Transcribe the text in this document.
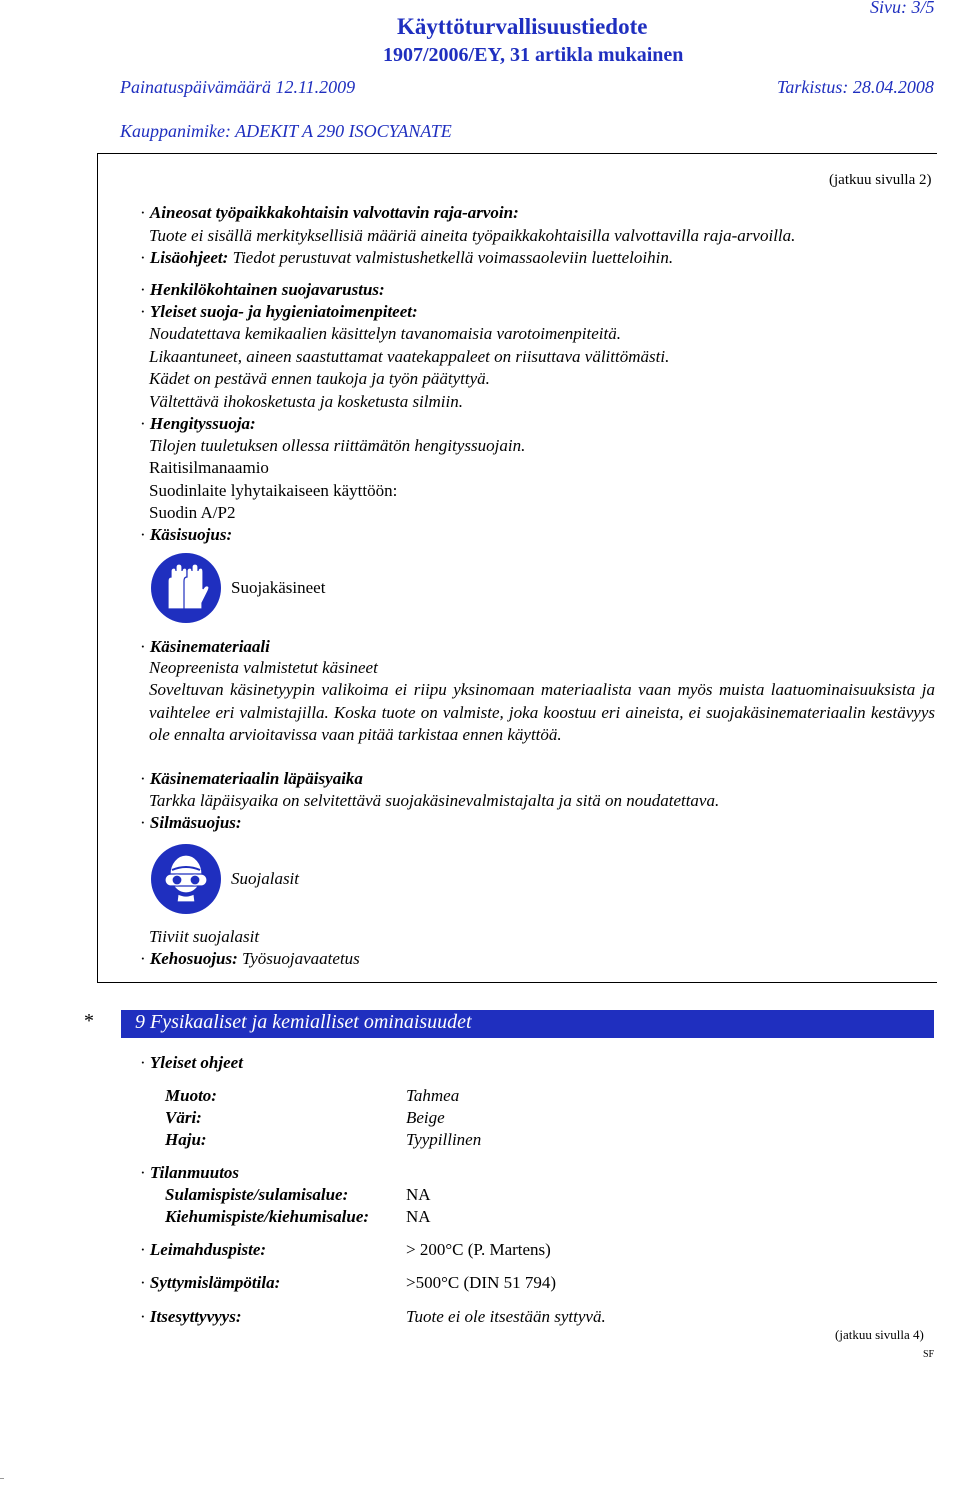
Sivu: 3/5
Käyttöturvallisuustiedote
1907/2006/EY, 31 artikla mukainen
Painatuspäivämäärä 12.11.2009	Tarkistus: 28.04.2008
Kauppanimike: ADEKIT A 290 ISOCYANATE
(jatkuu sivulla 2)
· Aineosat työpaikkakohtaisin valvottavin raja-arvoin:
Tuote ei sisällä merkityksellisiä määriä aineita työpaikkakohtaisilla valvottavilla raja-arvoilla.
· Lisäohjeet: Tiedot perustuvat valmistushetkellä voimassaoleviin luetteloihin.
· Henkilökohtainen suojavarustus:
· Yleiset suoja- ja hygieniatoimenpiteet:
Noudatettava kemikaalien käsittelyn tavanomaisia varotoimenpiteitä.
Likaantuneet, aineen saastuttamat vaatekappaleet on riisuttava välittömästi.
Kädet on pestävä ennen taukoja ja työn päätyttyä.
Vältettävä ihokosketusta ja kosketusta silmiin.
· Hengityssuoja:
Tilojen tuuletuksen ollessa riittämätön hengityssuojain.
Raitisilmanaamio
Suodinlaite lyhytaikaiseen käyttöön:
Suodin A/P2
· Käsisuojus:
Suojakäsineet
· Käsinemateriaali
Neopreenista valmistetut käsineet
Soveltuvan käsinetyypin valikoima ei riipu yksinomaan materiaalista vaan myös muista laatuominaisuuksista ja vaihtelee eri valmistajilla. Koska tuote on valmiste, joka koostuu eri aineista, ei suojakäsinemateriaalin kestävyys ole ennalta arvioitavissa vaan pitää tarkistaa ennen käyttöä.
· Käsinemateriaalin läpäisyaika
Tarkka läpäisyaika on selvitettävä suojakäsinevalmistajalta ja sitä on noudatettava.
· Silmäsuojus:
Suojalasit
Tiiviit suojalasit
· Kehosuojus: Työsuojavaatetus
* 9 Fysikaaliset ja kemialliset ominaisuudet
· Yleiset ohjeet
Muoto:	Tahmea
Väri:	Beige
Haju:	Tyypillinen
· Tilanmuutos
Sulamispiste/sulamisalue:	NA
Kiehumispiste/kiehumisalue: NA
· Leimahduspiste:	> 200°C (P. Martens)
· Syttymislämpötila:	>500°C (DIN 51 794)
· Itsesyttyvyys:	Tuote ei ole itsestään syttyvä.
(jatkuu sivulla 4)
SF
